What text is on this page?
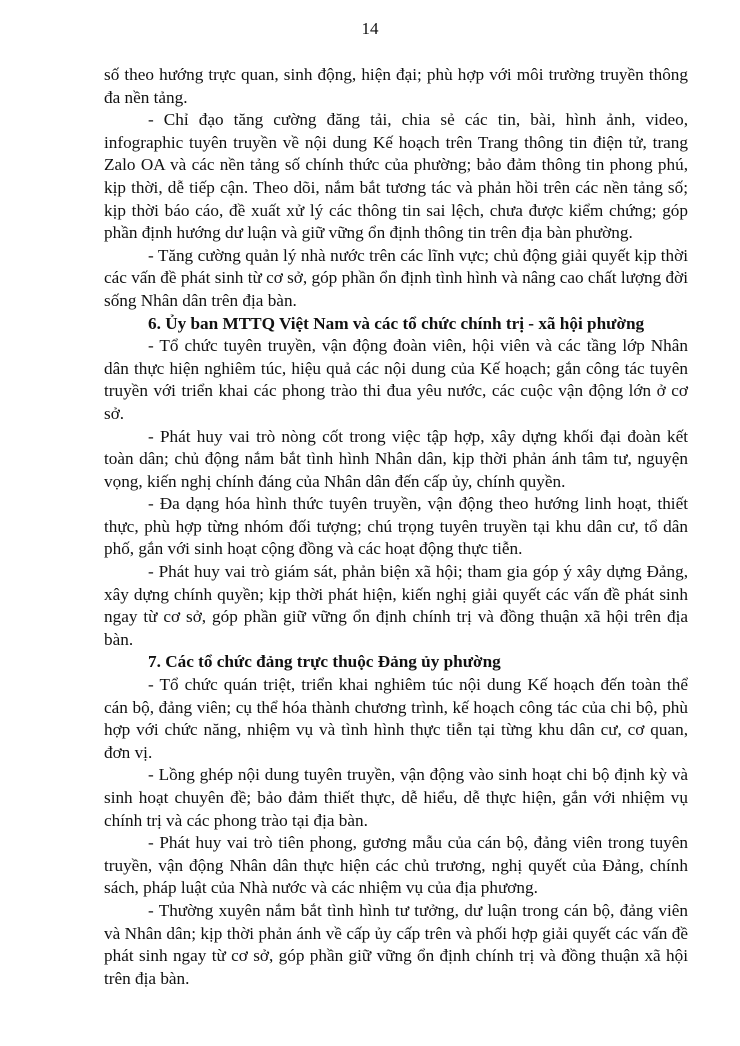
14

số theo hướng trực quan, sinh động, hiện đại; phù hợp với môi trường truyền thông đa nền tảng.

- Chỉ đạo tăng cường đăng tải, chia sẻ các tin, bài, hình ảnh, video, infographic tuyên truyền về nội dung Kế hoạch trên Trang thông tin điện tử, trang Zalo OA và các nền tảng số chính thức của phường; bảo đảm thông tin phong phú, kịp thời, dễ tiếp cận. Theo dõi, nắm bắt tương tác và phản hồi trên các nền tảng số; kịp thời báo cáo, đề xuất xử lý các thông tin sai lệch, chưa được kiểm chứng; góp phần định hướng dư luận và giữ vững ổn định thông tin trên địa bàn phường.

- Tăng cường quản lý nhà nước trên các lĩnh vực; chủ động giải quyết kịp thời các vấn đề phát sinh từ cơ sở, góp phần ổn định tình hình và nâng cao chất lượng đời sống Nhân dân trên địa bàn.

6. Ủy ban MTTQ Việt Nam và các tổ chức chính trị - xã hội phường

- Tổ chức tuyên truyền, vận động đoàn viên, hội viên và các tầng lớp Nhân dân thực hiện nghiêm túc, hiệu quả các nội dung của Kế hoạch; gắn công tác tuyên truyền với triển khai các phong trào thi đua yêu nước, các cuộc vận động lớn ở cơ sở.

- Phát huy vai trò nòng cốt trong việc tập hợp, xây dựng khối đại đoàn kết toàn dân; chủ động nắm bắt tình hình Nhân dân, kịp thời phản ánh tâm tư, nguyện vọng, kiến nghị chính đáng của Nhân dân đến cấp ủy, chính quyền.

- Đa dạng hóa hình thức tuyên truyền, vận động theo hướng linh hoạt, thiết thực, phù hợp từng nhóm đối tượng; chú trọng tuyên truyền tại khu dân cư, tổ dân phố, gắn với sinh hoạt cộng đồng và các hoạt động thực tiễn.

- Phát huy vai trò giám sát, phản biện xã hội; tham gia góp ý xây dựng Đảng, xây dựng chính quyền; kịp thời phát hiện, kiến nghị giải quyết các vấn đề phát sinh ngay từ cơ sở, góp phần giữ vững ổn định chính trị và đồng thuận xã hội trên địa bàn.

7. Các tổ chức đảng trực thuộc Đảng ủy phường

- Tổ chức quán triệt, triển khai nghiêm túc nội dung Kế hoạch đến toàn thể cán bộ, đảng viên; cụ thể hóa thành chương trình, kế hoạch công tác của chi bộ, phù hợp với chức năng, nhiệm vụ và tình hình thực tiễn tại từng khu dân cư, cơ quan, đơn vị.

- Lồng ghép nội dung tuyên truyền, vận động vào sinh hoạt chi bộ định kỳ và sinh hoạt chuyên đề; bảo đảm thiết thực, dễ hiểu, dễ thực hiện, gắn với nhiệm vụ chính trị và các phong trào tại địa bàn.

- Phát huy vai trò tiên phong, gương mẫu của cán bộ, đảng viên trong tuyên truyền, vận động Nhân dân thực hiện các chủ trương, nghị quyết của Đảng, chính sách, pháp luật của Nhà nước và các nhiệm vụ của địa phương.

- Thường xuyên nắm bắt tình hình tư tưởng, dư luận trong cán bộ, đảng viên và Nhân dân; kịp thời phản ánh về cấp ủy cấp trên và phối hợp giải quyết các vấn đề phát sinh ngay từ cơ sở, góp phần giữ vững ổn định chính trị và đồng thuận xã hội trên địa bàn.
